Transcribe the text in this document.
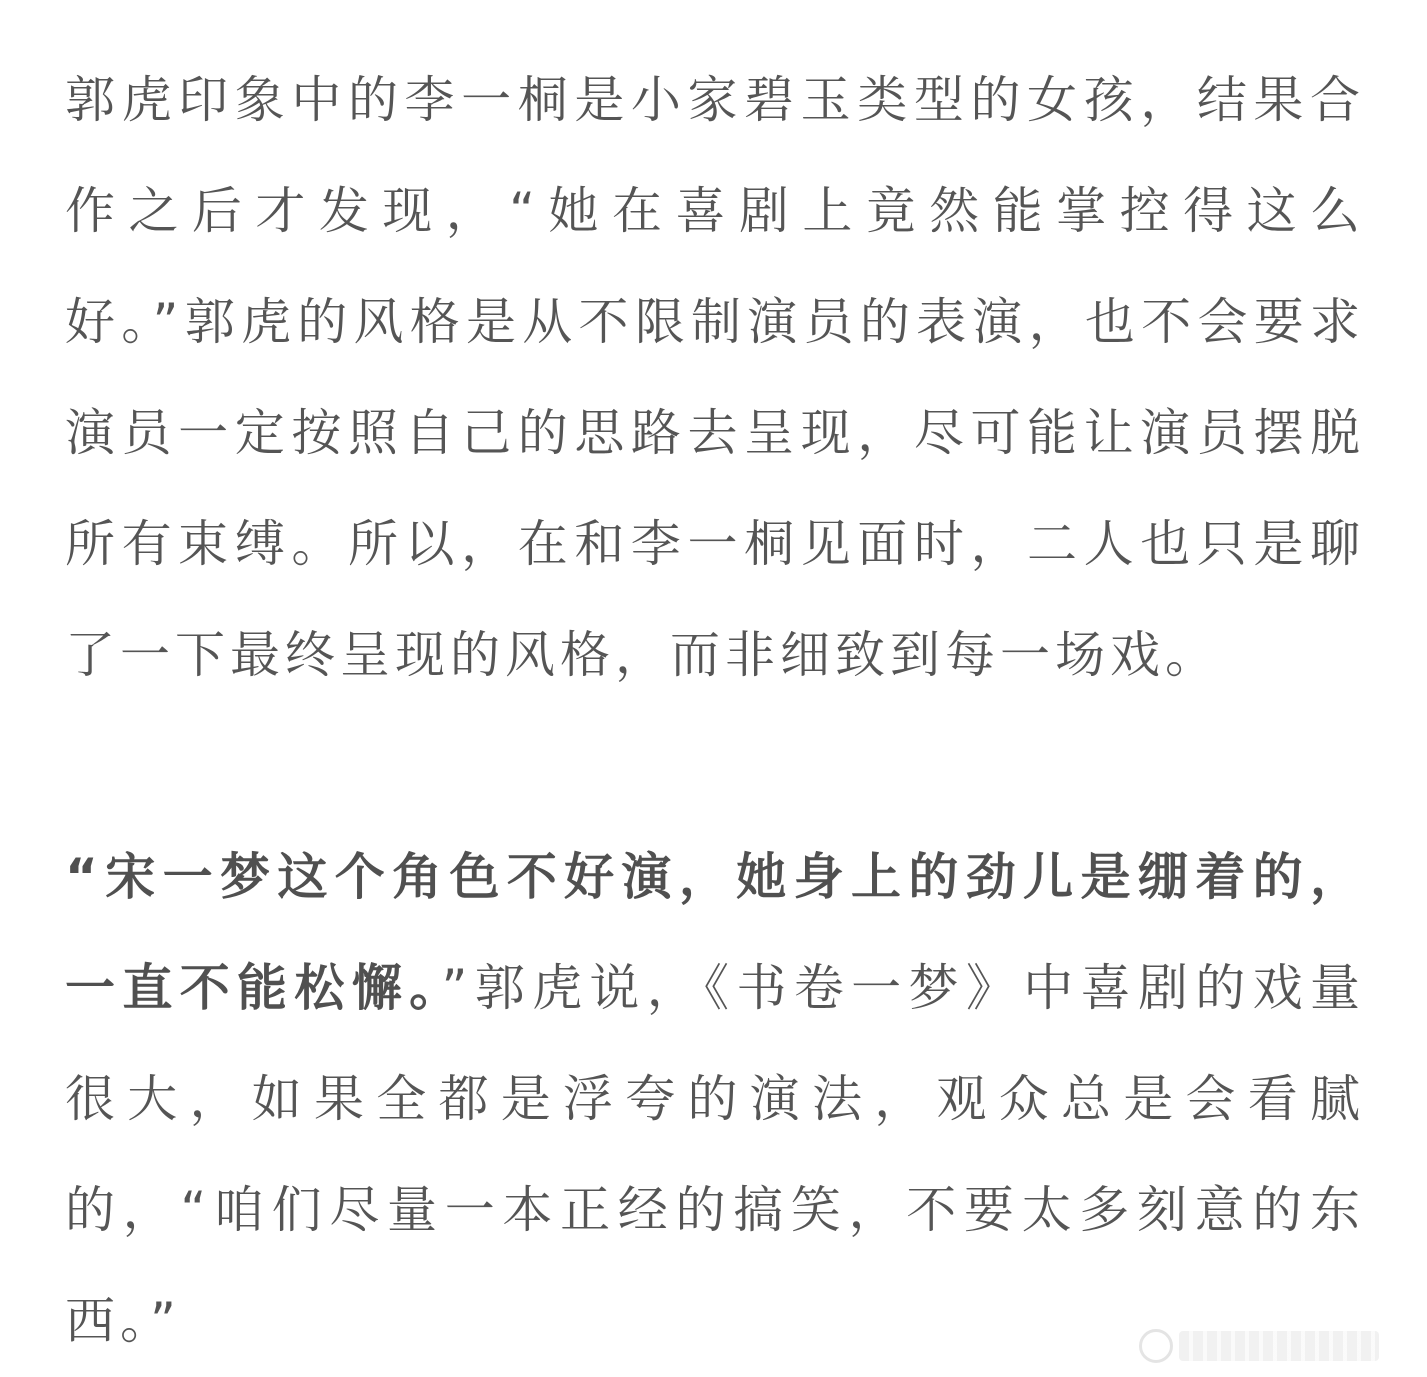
郭虎印象中的李一桐是小家碧玉类型的女孩，结果合作之后才发现，“她在喜剧上竟然能掌控得这么好。”郭虎的风格是从不限制演员的表演，也不会要求演员一定按照自己的思路去呈现，尽可能让演员摆脱所有束缚。所以，在和李一桐见面时，二人也只是聊了一下最终呈现的风格，而非细致到每一场戏。

“宋一梦这个角色不好演，她身上的劲儿是绷着的，一直不能松懈。”郭虎说，《书卷一梦》中喜剧的戏量很大，如果全都是浮夸的演法，观众总是会看腻的，“咱们尽量一本正经的搞笑，不要太多刻意的东西。”
